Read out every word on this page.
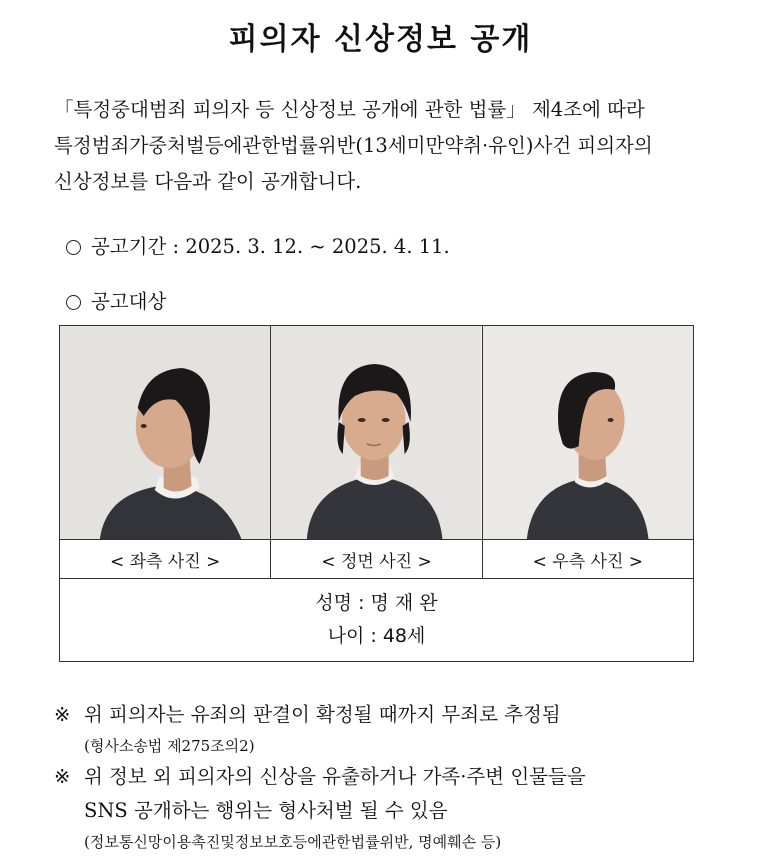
피의자 신상정보 공개
「특정중대범죄 피의자 등 신상정보 공개에 관한 법률」 제4조에 따라
특정범죄가중처벌등에관한법률위반(13세미만약취·유인)사건 피의자의
신상정보를 다음과 같이 공개합니다.
공고기간 : 2025. 3. 12. ~ 2025. 4. 11.
공고대상

< 좌측 사진 >	< 정면 사진 >	< 우측 사진 >

성명 : 명 재 완
나이 : 48세		
※ 위 피의자는 유죄의 판결이 확정될 때까지 무죄로 추정됨
(형사소송법 제275조의2)
※ 위 정보 외 피의자의 신상을 유출하거나 가족·주변 인물들을
SNS 공개하는 행위는 형사처벌 될 수 있음
(정보통신망이용촉진및정보보호등에관한법률위반, 명예훼손 등)
